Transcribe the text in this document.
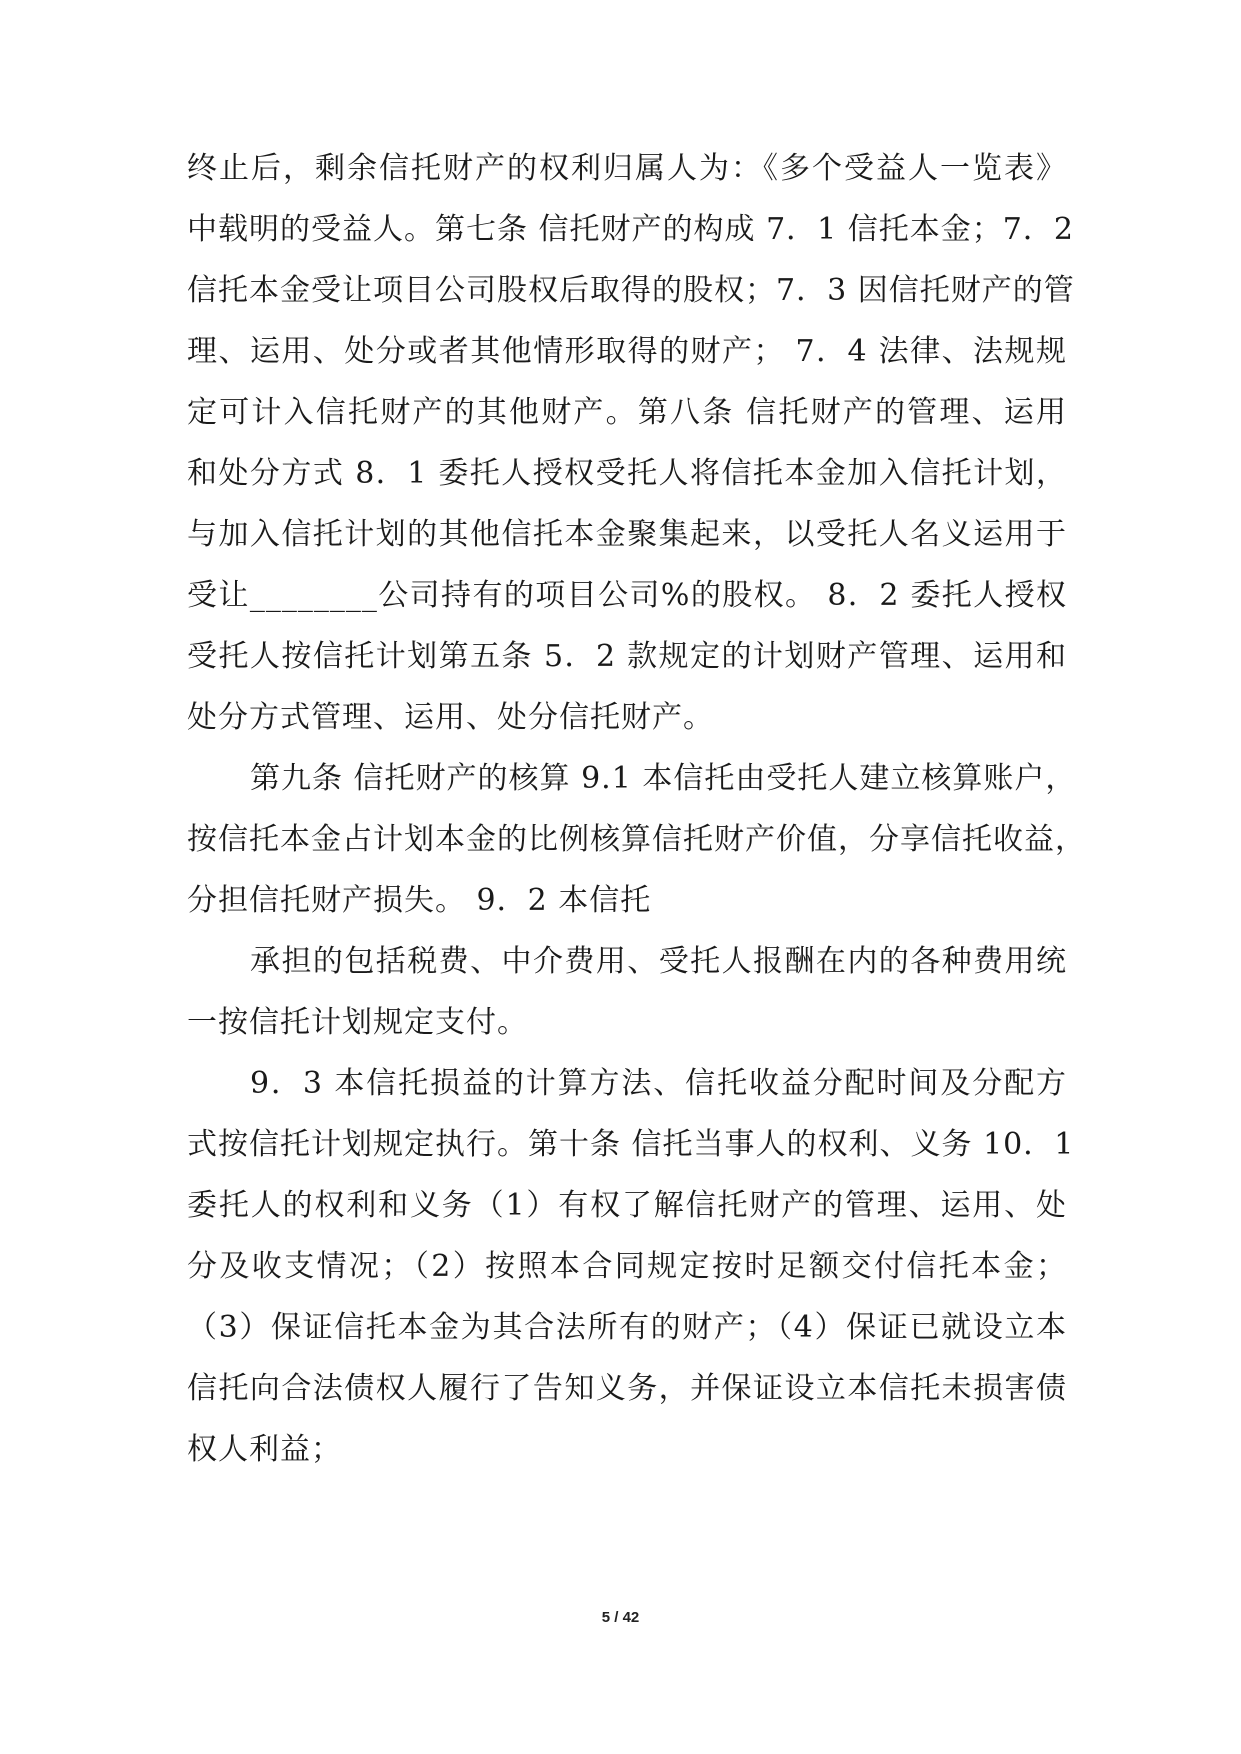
终止后，剩余信托财产的权利归属人为：《多个受益人一览表》
中载明的受益人。第七条 信托财产的构成 7．1 信托本金；7．2
信托本金受让项目公司股权后取得的股权；7．3 因信托财产的管
理、运用、处分或者其他情形取得的财产； 7．4 法律、法规规
定可计入信托财产的其他财产。第八条 信托财产的管理、运用
和处分方式 8．1 委托人授权受托人将信托本金加入信托计划，
与加入信托计划的其他信托本金聚集起来，以受托人名义运用于
受让________公司持有的项目公司%的股权。 8．2 委托人授权
受托人按信托计划第五条 5．2 款规定的计划财产管理、运用和
处分方式管理、运用、处分信托财产。
第九条 信托财产的核算 9.1 本信托由受托人建立核算账户，
按信托本金占计划本金的比例核算信托财产价值，分享信托收益，
分担信托财产损失。 9．2 本信托
承担的包括税费、中介费用、受托人报酬在内的各种费用统
一按信托计划规定支付。
9．3 本信托损益的计算方法、信托收益分配时间及分配方
式按信托计划规定执行。第十条 信托当事人的权利、义务 10．1
委托人的权利和义务（1）有权了解信托财产的管理、运用、处
分及收支情况；（2）按照本合同规定按时足额交付信托本金；
（3）保证信托本金为其合法所有的财产；（4）保证已就设立本
信托向合法债权人履行了告知义务，并保证设立本信托未损害债
权人利益；
5 / 42
